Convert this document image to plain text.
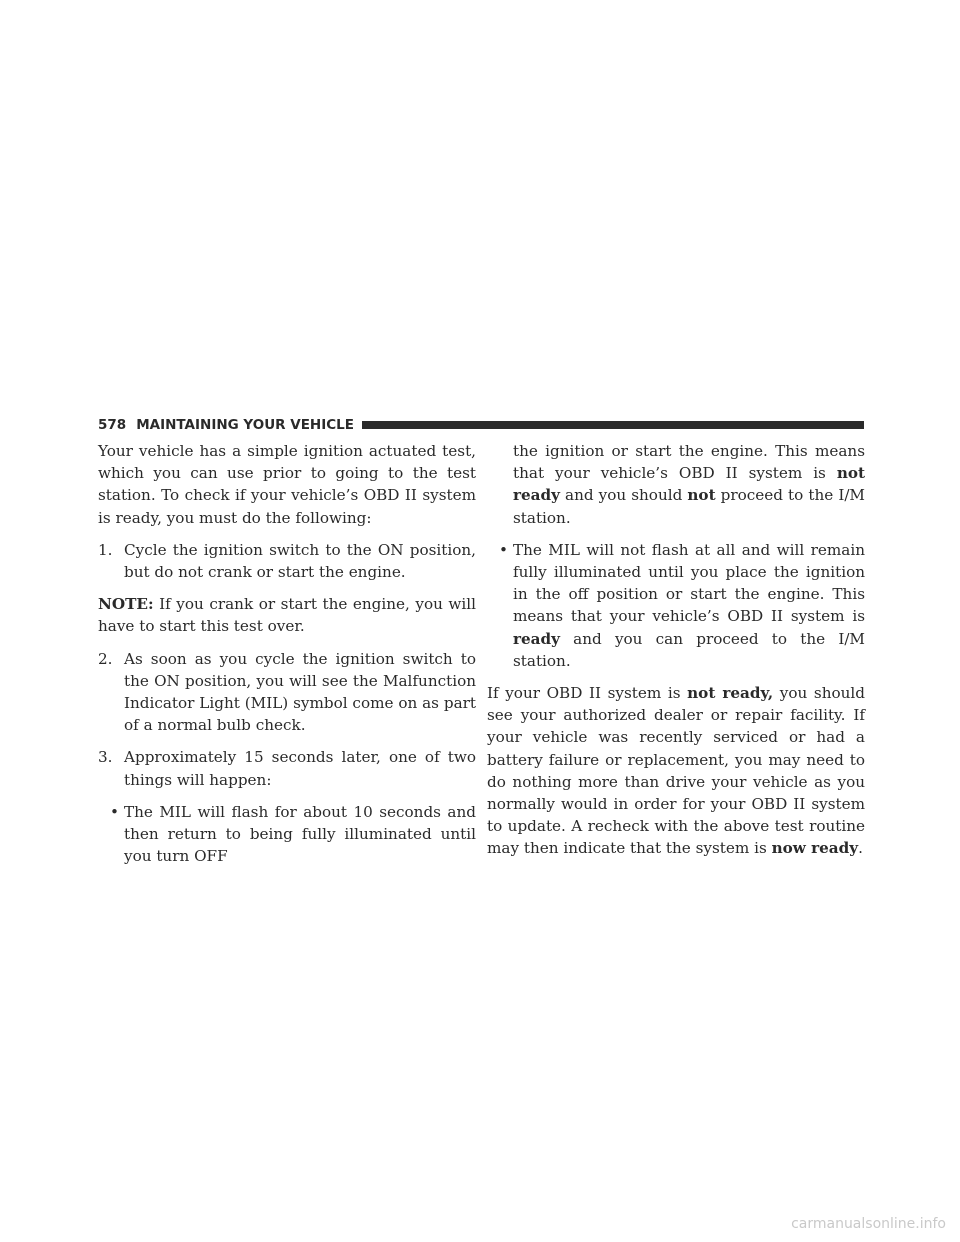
578 MAINTAINING YOUR VEHICLE

Your vehicle has a simple ignition actuated test, which you can use prior to going to the test station. To check if your vehicle’s OBD II system is ready, you must do the following:

1. Cycle the ignition switch to the ON position, but do not crank or start the engine.

NOTE: If you crank or start the engine, you will have to start this test over.

2. As soon as you cycle the ignition switch to the ON position, you will see the Malfunction Indicator Light (MIL) symbol come on as part of a normal bulb check.

3. Approximately 15 seconds later, one of two things will happen:

• The MIL will flash for about 10 seconds and then return to being fully illuminated until you turn OFF

the ignition or start the engine. This means that your vehicle’s OBD II system is not ready and you should not proceed to the I/M station.

• The MIL will not flash at all and will remain fully illuminated until you place the ignition in the off position or start the engine. This means that your vehicle’s OBD II system is ready and you can proceed to the I/M station.

If your OBD II system is not ready, you should see your authorized dealer or repair facility. If your vehicle was recently serviced or had a battery failure or replacement, you may need to do nothing more than drive your vehicle as you normally would in order for your OBD II system to update. A recheck with the above test routine may then indicate that the system is now ready.

carmanualsonline.info
